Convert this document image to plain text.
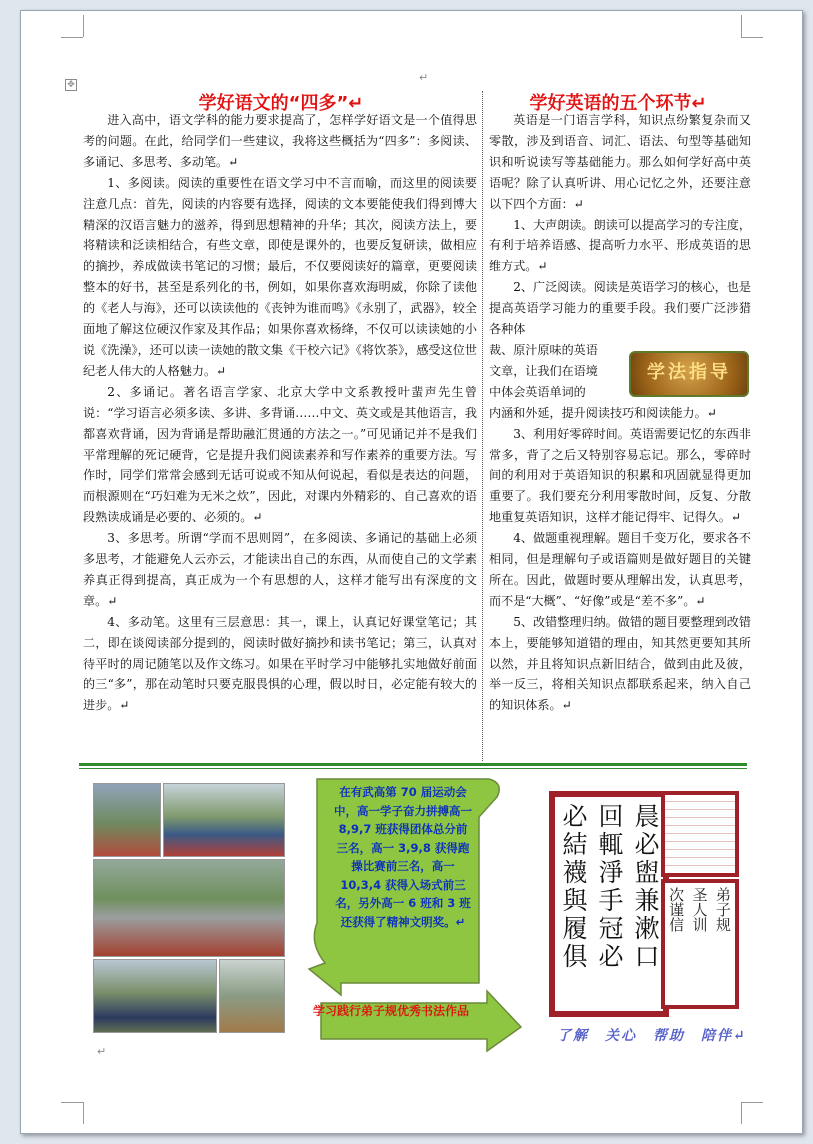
✥
↵
学好语文的“四多”↵

进入高中，语文学科的能力要求提高了，怎样学好语文是一个值得思考的问题。在此，给同学们一些建议，我将这些概括为“四多”：多阅读、多诵记、多思考、多动笔。↵

1、多阅读。阅读的重要性在语文学习中不言而喻，而这里的阅读要注意几点：首先，阅读的内容要有选择，阅读的文本要能使我们得到博大精深的汉语言魅力的滋养，得到思想精神的升华；其次，阅读方法上，要将精读和泛读相结合，有些文章，即使是课外的，也要反复研读，做相应的摘抄，养成做读书笔记的习惯；最后，不仅要阅读好的篇章，更要阅读整本的好书，甚至是系列化的书，例如，如果你喜欢海明威，你除了读他的《老人与海》，还可以读读他的《丧钟为谁而鸣》《永别了，武器》，较全面地了解这位硬汉作家及其作品；如果你喜欢杨绛，不仅可以读读她的小说《洗澡》，还可以读一读她的散文集《干校六记》《将饮茶》，感受这位世纪老人伟大的人格魅力。↵

2、多诵记。著名语言学家、北京大学中文系教授叶蜚声先生曾说：“学习语言必须多读、多讲、多背诵……中文、英文或是其他语言，我都喜欢背诵，因为背诵是帮助融汇贯通的方法之一。”可见诵记并不是我们平常理解的死记硬背，它是提升我们阅读素养和写作素养的重要方法。写作时，同学们常常会感到无话可说或不知从何说起，看似是表达的问题，而根源则在“巧妇难为无米之炊”，因此，对课内外精彩的、自己喜欢的语段熟读成诵是必要的、必须的。↵

3、多思考。所谓“学而不思则罔”，在多阅读、多诵记的基础上必须多思考，才能避免人云亦云，才能读出自己的东西，从而使自己的文学素养真正得到提高，真正成为一个有思想的人，这样才能写出有深度的文章。↵

4、多动笔。这里有三层意思：其一，课上，认真记好课堂笔记；其二，即在谈阅读部分提到的，阅读时做好摘抄和读书笔记；第三，认真对待平时的周记随笔以及作文练习。如果在平时学习中能够扎实地做好前面的三“多”，那在动笔时只要克服畏惧的心理，假以时日，必定能有较大的进步。↵

学好英语的五个环节↵

英语是一门语言学科，知识点纷繁复杂而又零散，涉及到语音、词汇、语法、句型等基础知识和听说读写等基础能力。那么如何学好高中英语呢？除了认真听讲、用心记忆之外，还要注意以下四个方面：↵

1、大声朗读。朗读可以提高学习的专注度，有利于培养语感、提高听力水平、形成英语的思维方式。↵

2、广泛阅读。阅读是英语学习的核心，也是提高英语学习能力的重要手段。我们要广泛涉猎各种体

裁、原汁原味的英语

文章，让我们在语境

中体会英语单词的

内涵和外延，提升阅读技巧和阅读能力。↵

3、利用好零碎时间。英语需要记忆的东西非常多，背了之后又特别容易忘记。那么，零碎时间的利用对于英语知识的积累和巩固就显得更加重要了。我们要充分利用零散时间，反复、分散地重复英语知识，这样才能记得牢、记得久。↵

4、做题重视理解。题目千变万化，要求各不相同，但是理解句子或语篇则是做好题目的关键所在。因此，做题时要从理解出发，认真思考，而不是“大概”、“好像”或是“差不多”。↵

5、改错整理归纳。做错的题目要整理到改错本上，要能够知道错的理由，知其然更要知其所以然，并且将知识点新旧结合，做到由此及彼，举一反三，将相关知识点都联系起来，纳入自己的知识体系。↵

学法指导
在有武高第 70 届运动会中，高一学子奋力拼搏高一 8,9,7 班获得团体总分前三名，高一 3,9,8 获得跑操比赛前三名，高一 10,3,4 获得入场式前三名，另外高一 6 班和 3 班还获得了精神文明奖。↵
学习践行弟子规优秀书法作品
晨必盥兼漱口
回輒淨手冠必
必結襪與履俱	弟子规
圣人训
次谨信
了解　关心　帮助　陪伴↵
↵
